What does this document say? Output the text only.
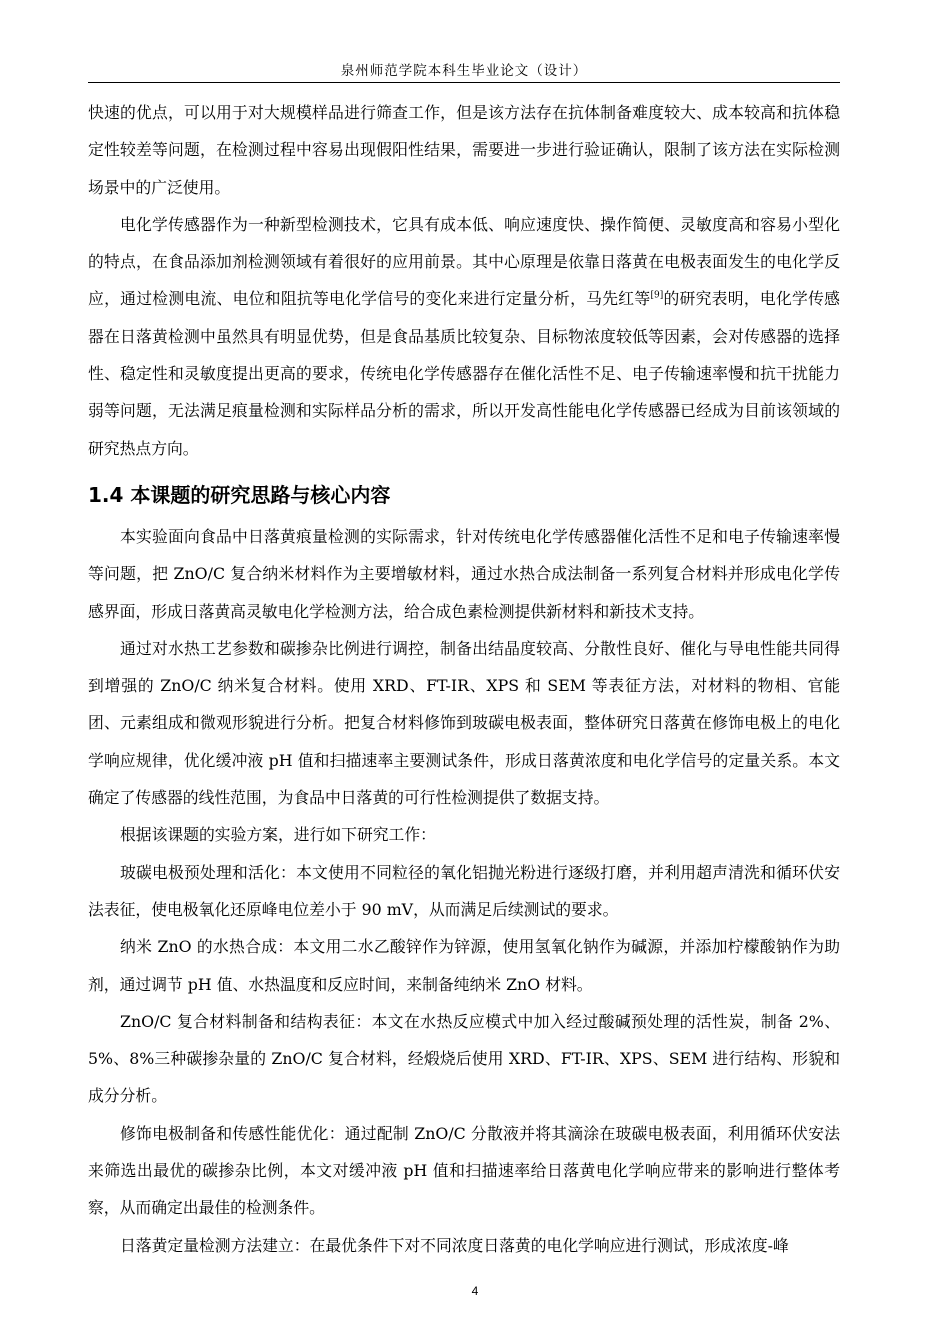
泉州师范学院本科生毕业论文（设计）

快速的优点，可以用于对大规模样品进行筛查工作，但是该方法存在抗体制备难度较大、成本较高和抗体稳定性较差等问题，在检测过程中容易出现假阳性结果，需要进一步进行验证确认，限制了该方法在实际检测场景中的广泛使用。

电化学传感器作为一种新型检测技术，它具有成本低、响应速度快、操作简便、灵敏度高和容易小型化的特点，在食品添加剂检测领域有着很好的应用前景。其中心原理是依靠日落黄在电极表面发生的电化学反应，通过检测电流、电位和阻抗等电化学信号的变化来进行定量分析，马先红等[9]的研究表明，电化学传感器在日落黄检测中虽然具有明显优势，但是食品基质比较复杂、目标物浓度较低等因素，会对传感器的选择性、稳定性和灵敏度提出更高的要求，传统电化学传感器存在催化活性不足、电子传输速率慢和抗干扰能力弱等问题，无法满足痕量检测和实际样品分析的需求，所以开发高性能电化学传感器已经成为目前该领域的研究热点方向。

1.4 本课题的研究思路与核心内容

本实验面向食品中日落黄痕量检测的实际需求，针对传统电化学传感器催化活性不足和电子传输速率慢等问题，把 ZnO/C 复合纳米材料作为主要增敏材料，通过水热合成法制备一系列复合材料并形成电化学传感界面，形成日落黄高灵敏电化学检测方法，给合成色素检测提供新材料和新技术支持。

通过对水热工艺参数和碳掺杂比例进行调控，制备出结晶度较高、分散性良好、催化与导电性能共同得到增强的 ZnO/C 纳米复合材料。使用 XRD、FT-IR、XPS 和 SEM 等表征方法，对材料的物相、官能团、元素组成和微观形貌进行分析。把复合材料修饰到玻碳电极表面，整体研究日落黄在修饰电极上的电化学响应规律，优化缓冲液 pH 值和扫描速率主要测试条件，形成日落黄浓度和电化学信号的定量关系。本文确定了传感器的线性范围，为食品中日落黄的可行性检测提供了数据支持。

根据该课题的实验方案，进行如下研究工作：

玻碳电极预处理和活化：本文使用不同粒径的氧化铝抛光粉进行逐级打磨，并利用超声清洗和循环伏安法表征，使电极氧化还原峰电位差小于 90 mV，从而满足后续测试的要求。

纳米 ZnO 的水热合成：本文用二水乙酸锌作为锌源，使用氢氧化钠作为碱源，并添加柠檬酸钠作为助剂，通过调节 pH 值、水热温度和反应时间，来制备纯纳米 ZnO 材料。

ZnO/C 复合材料制备和结构表征：本文在水热反应模式中加入经过酸碱预处理的活性炭，制备 2%、5%、8%三种碳掺杂量的 ZnO/C 复合材料，经煅烧后使用 XRD、FT-IR、XPS、SEM 进行结构、形貌和成分分析。

修饰电极制备和传感性能优化：通过配制 ZnO/C 分散液并将其滴涂在玻碳电极表面，利用循环伏安法来筛选出最优的碳掺杂比例，本文对缓冲液 pH 值和扫描速率给日落黄电化学响应带来的影响进行整体考察，从而确定出最佳的检测条件。

日落黄定量检测方法建立：在最优条件下对不同浓度日落黄的电化学响应进行测试，形成浓度-峰

4
